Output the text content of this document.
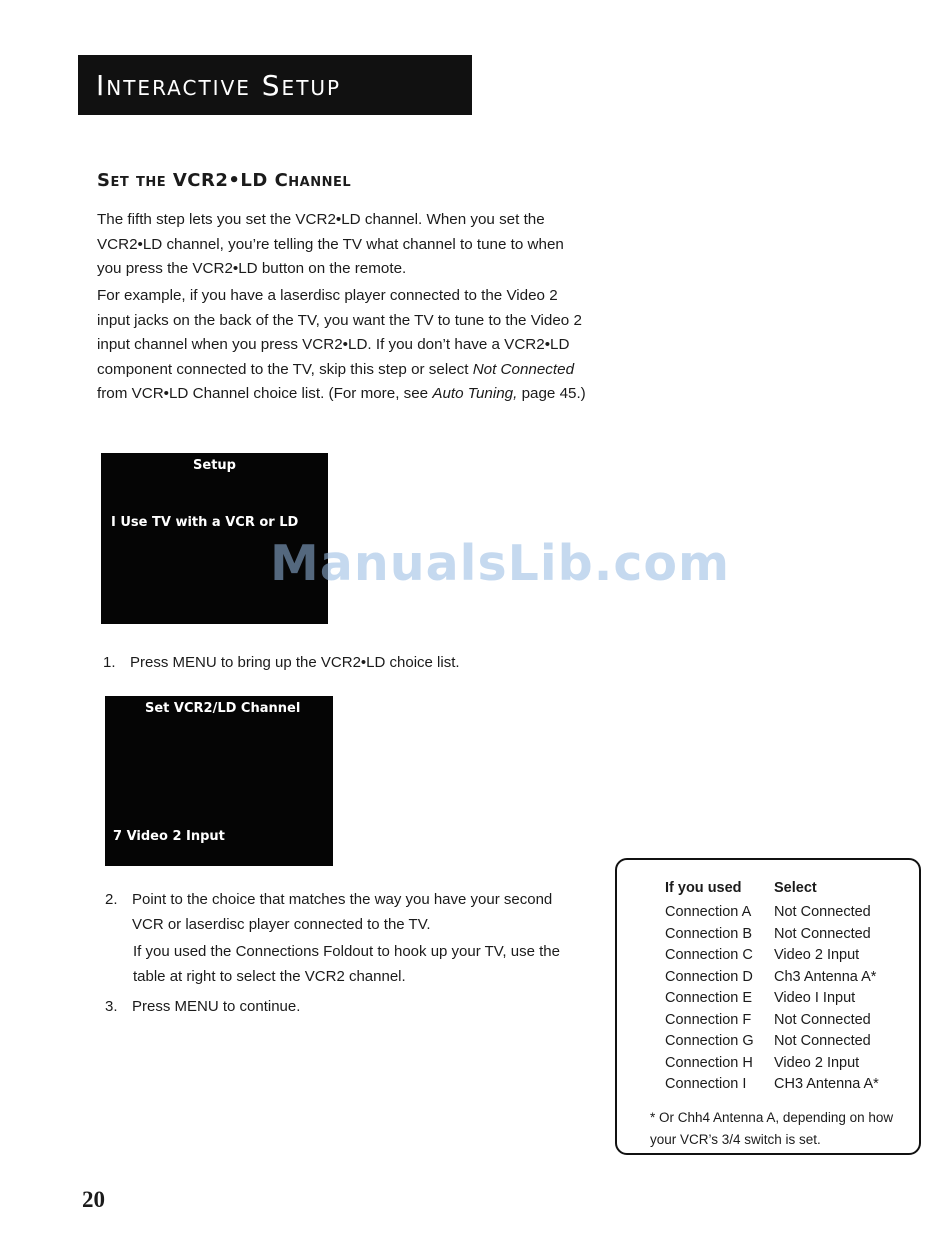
Interactive Setup
Set the VCR2•LD Channel

The fifth step lets you set the VCR2•LD channel. When you set the VCR2•LD channel, you’re telling the TV what channel to tune to when you press the VCR2•LD button on the remote.

For example, if you have a laserdisc player connected to the Video 2 input jacks on the back of the TV, you want the TV to tune to the Video 2 input channel when you press VCR2•LD. If you don’t have a VCR2•LD component connected to the TV, skip this step or select Not Connected from VCR•LD Channel choice list. (For more, see Auto Tuning, page 45.)

Setup
I Use TV with a VCR or LD
ManualsLib.com
1. Press MENU to bring up the VCR2•LD choice list.
Set VCR2/LD Channel
7 Video 2 Input
2. Point to the choice that matches the way you have your second VCR or laserdisc player connected to the TV.

If you used the Connections Foldout to hook up your TV, use the table at right to select the VCR2 channel.

3. Press MENU to continue.
If you used Select
Connection A Not Connected
Connection B Not Connected
Connection C Video 2 Input
Connection D Ch3 Antenna A*
Connection E Video I Input
Connection F Not Connected
Connection G Not Connected
Connection H Video 2 Input
Connection I CH3 Antenna A*

* Or Chh4 Antenna A, depending on how your VCR’s 3/4 switch is set.

20
